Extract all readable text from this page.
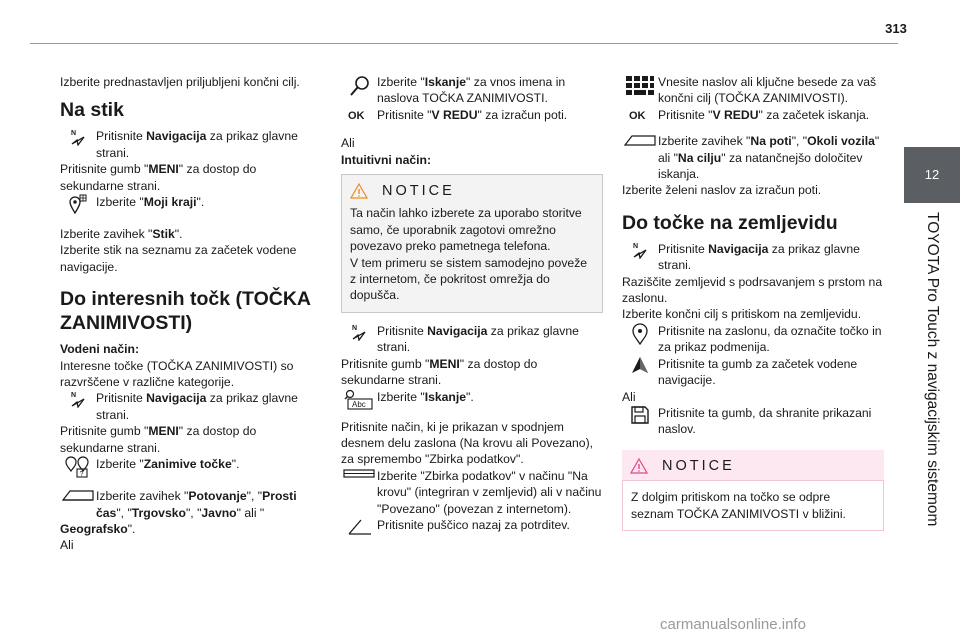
313
12
TOYOTA Pro Touch z navigacijskim sistemom

Izberite prednastavljen priljubljeni končni cilj.

Na stik
N Pritisnite Navigacija za prikaz glavne strani.

Pritisnite gumb "MENI" za dostop do sekundarne strani.

Izberite "Moji kraji".

Izberite zavihek "Stik".

Izberite stik na seznamu za začetek vodene navigacije.

Do interesnih točk (TOČKA ZANIMIVOSTI)

Vodeni način:

Interesne točke (TOČKA ZANIMIVOSTI) so razvrščene v različne kategorije.

N Pritisnite Navigacija za prikaz glavne strani.

Pritisnite gumb "MENI" za dostop do sekundarne strani.

?
Izberite "Zanimive točke".
Izberite zavihek "Potovanje", "Prosti čas", "Trgovsko", "Javno" ali "

Geografsko".

Ali

OK

Izberite "Iskanje" za vnos imena in naslova TOČKA ZANIMIVOSTI.

Pritisnite "V REDU" za izračun poti.

Ali

Intuitivni način:

NOTICE
Ta način lahko izberete za uporabo storitve samo, če uporabnik zagotovi omrežno povezavo preko pametnega telefona.
V tem primeru se sistem samodejno poveže z internetom, če pokritost omrežja do dopušča.
N Pritisnite Navigacija za prikaz glavne strani.

Pritisnite gumb "MENI" za dostop do sekundarne strani.

Abc
Izberite "Iskanje".

Pritisnite način, ki je prikazan v spodnjem desnem delu zaslona (Na krovu ali Povezano), za spremembo "Zbirka podatkov".

Izberite "Zbirka podatkov" v načinu "Na krovu" (integriran v zemljevid) ali v načinu "Povezano" (povezan z internetom).
Pritisnite puščico nazaj za potrditev.
OK

Vnesite naslov ali ključne besede za vaš končni cilj (TOČKA ZANIMIVOSTI).

Pritisnite "V REDU" za začetek iskanja.

Izberite zavihek "Na poti", "Okoli vozila" ali "Na cilju" za natančnejšo določitev iskanja.

Izberite želeni naslov za izračun poti.

Do točke na zemljevidu
N Pritisnite Navigacija za prikaz glavne strani.

Raziščite zemljevid s podrsavanjem s prstom na zaslonu.

Izberite končni cilj s pritiskom na zemljevidu.

Pritisnite na zaslonu, da označite točko in za prikaz podmenija.
Pritisnite ta gumb za začetek vodene navigacije.

Ali

Pritisnite ta gumb, da shranite prikazani naslov.
NOTICE
Z dolgim pritiskom na točko se odpre seznam TOČKA ZANIMIVOSTI v bližini.
carmanualsonline.info
